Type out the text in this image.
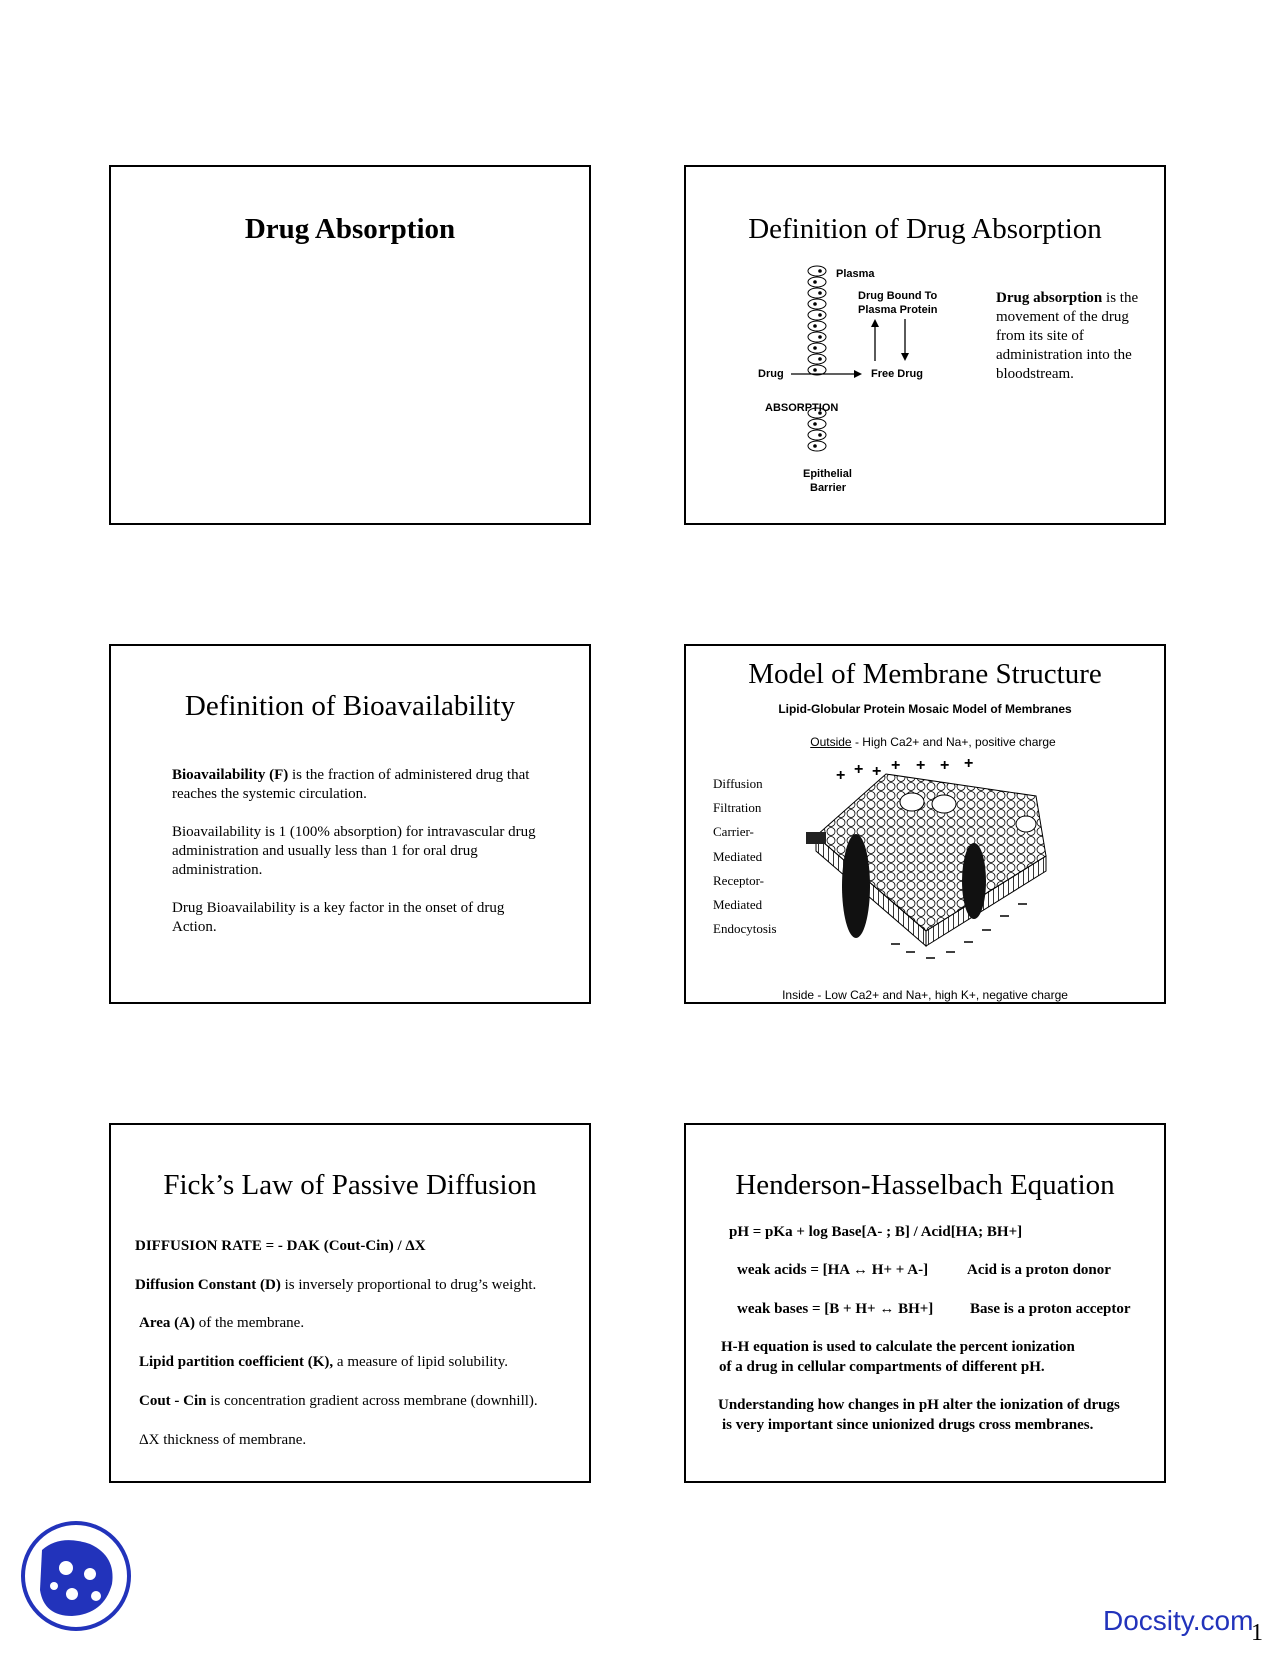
Drug Absorption	Definition of Drug Absorption
Plasma
Drug Bound To
Plasma Protein
Drug	Free Drug
ABSORPTION
Epithelial
Barrier
Drug absorption is the movement of the drug from its site of administration into the bloodstream.
Definition of Bioavailability
Bioavailability (F) is the fraction of administered drug that reaches the systemic circulation.
Bioavailability is 1 (100% absorption) for intravascular drug administration and usually less than 1 for oral drug administration.
Drug Bioavailability is a key factor in the onset of drug Action.
Model of Membrane Structure
Lipid-Globular Protein Mosaic Model of Membranes
Outside - High Ca2+ and Na+, positive charge
Diffusion
Filtration
Carrier-
Mediated
Receptor-
Mediated
Endocytosis
+ + + + + + +
Inside - Low Ca2+ and Na+, high K+, negative charge
Fick’s Law of Passive Diffusion
DIFFUSION RATE = - DAK (Cout-Cin) / ΔX
Diffusion Constant (D) is inversely proportional to drug’s weight.
Area (A) of the membrane.
Lipid partition coefficient (K), a measure of lipid solubility.
Cout - Cin is concentration gradient across membrane (downhill).
ΔX thickness of membrane.
Henderson-Hasselbach Equation
pH = pKa + log Base[A- ; B] / Acid[HA; BH+]
weak acids = [HA ↔ H+ + A-]	Acid is a proton donor
weak bases = [B + H+ ↔ BH+] Base is a proton acceptor
H-H equation is used to calculate the percent ionization
of a drug in cellular compartments of different pH.
Understanding how changes in pH alter the ionization of drugs
is very important since unionized drugs cross membranes.
Docsity.com
1
